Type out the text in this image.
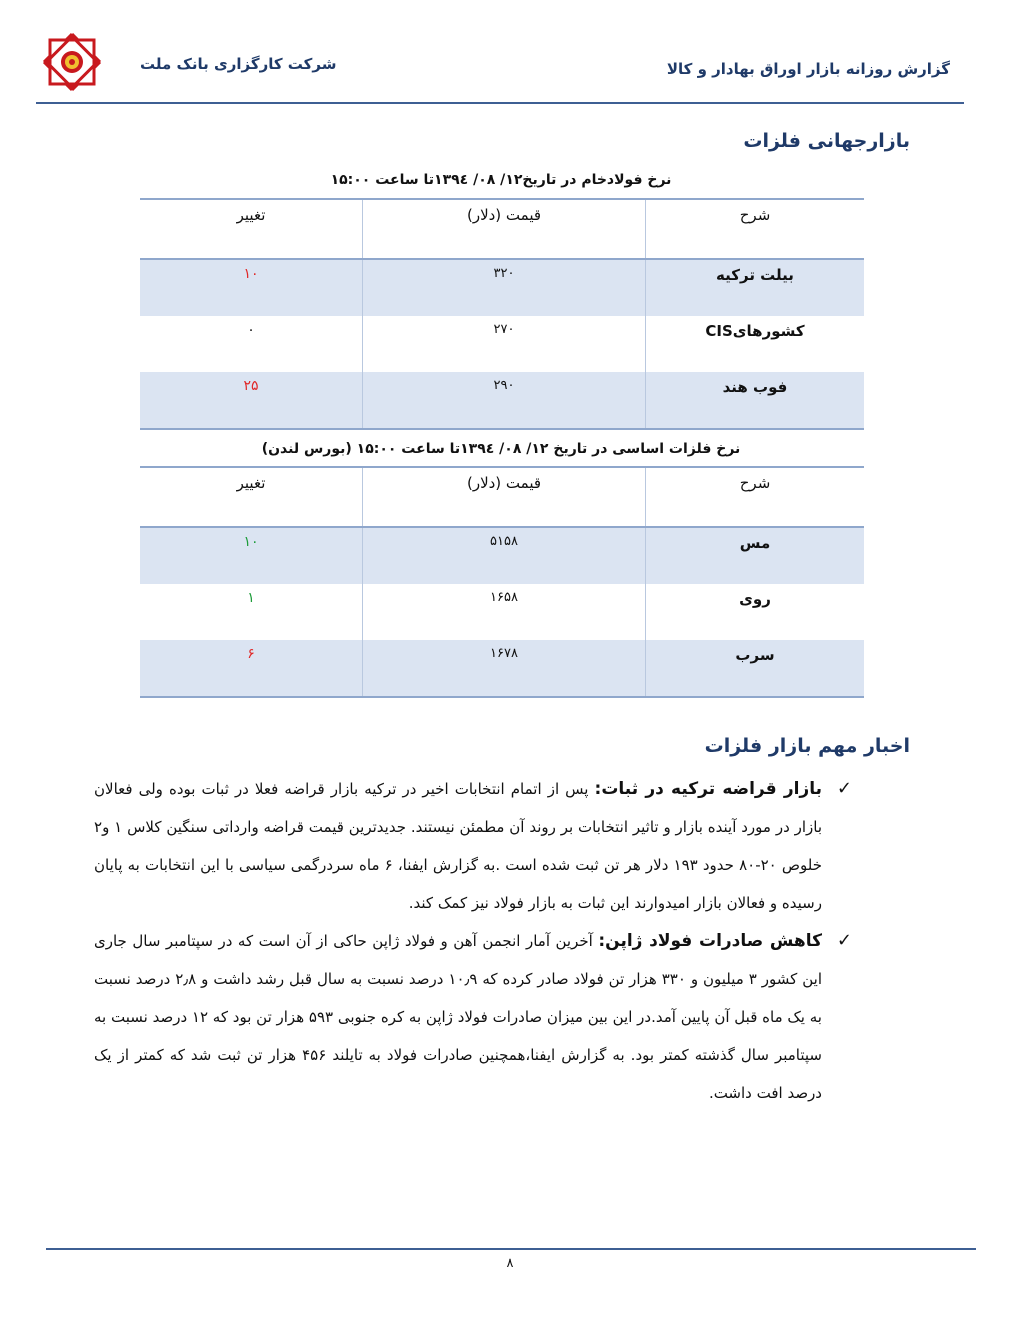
شرکت کارگزاری بانک ملت	گزارش روزانه بازار اوراق بهادار و کالا
بازارجهانی فلزات
نرخ فولادخام در تاریخ۱۲/ ۰۸/ ۱۳۹٤تا ساعت ۱۵:۰۰
شرح	قیمت (دلار)	تغییر
بیلت ترکیه	۳۲۰	۱۰
کشورهایCIS	۲۷۰	۰
فوب هند	۲۹۰	۲۵
نرخ فلزات اساسی در تاریخ ۱۲/ ۰۸/ ۱۳۹٤تا ساعت ۱۵:۰۰ (بورس لندن)
شرح	قیمت (دلار)	تغییر
مس	۵۱۵۸	۱۰
روی	۱۶۵۸	۱
سرب	۱۶۷۸	۶
اخبار مهم بازار فلزات
✓
بازار قراضه ترکیه در ثبات: پس از اتمام انتخابات اخیر در ترکیه بازار قراضه فعلا در ثبات بوده ولی فعالان بازار در مورد آینده بازار و تاثیر انتخابات بر روند آن مطمئن نیستند. جدیدترین قیمت قراضه وارداتی سنگین کلاس ۱ و۲ خلوص ۲۰-۸۰ حدود ۱۹۳ دلار هر تن ثبت شده است .به گزارش ایفنا، ۶ ماه سردرگمی سیاسی با این انتخابات به پایان رسیده و فعالان بازار امیدوارند این ثبات به بازار فولاد نیز کمک کند.
✓
کاهش صادرات فولاد ژاپن: آخرین آمار انجمن آهن و فولاد ژاپن حاکی از آن است که در سپتامبر سال جاری این کشور ۳ میلیون و ۳۳۰ هزار تن فولاد صادر کرده که ۱۰٫۹ درصد نسبت به سال قبل رشد داشت و ۲٫۸ درصد نسبت به یک ماه قبل آن پایین آمد.در این بین میزان صادرات فولاد ژاپن به کره جنوبی ۵۹۳ هزار تن بود که ۱۲ درصد نسبت به سپتامبر سال گذشته کمتر بود. به گزارش ایفنا،همچنین صادرات فولاد به تایلند ۴۵۶ هزار تن ثبت شد که کمتر از یک درصد افت داشت.
۸
